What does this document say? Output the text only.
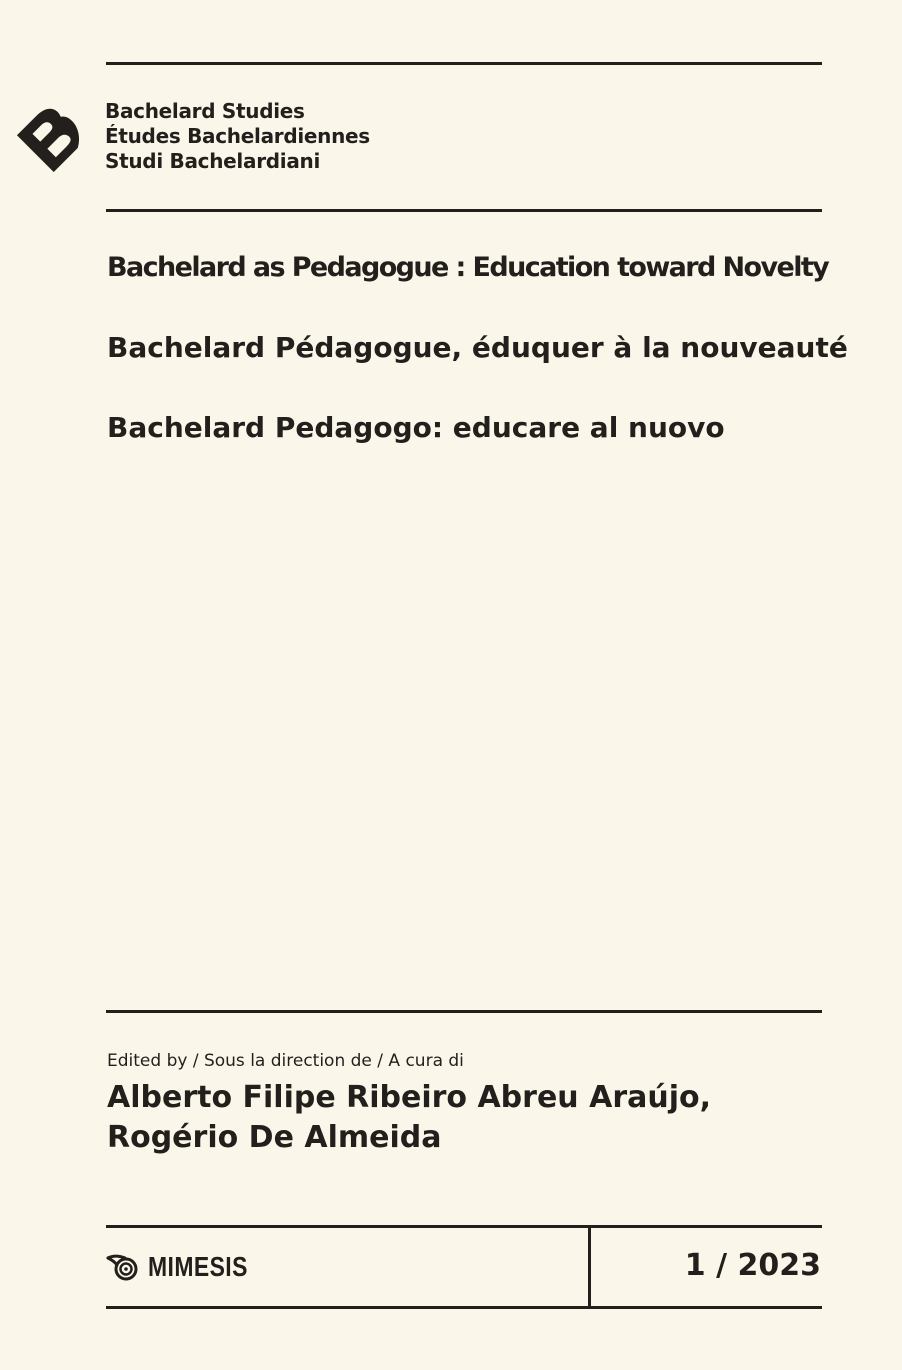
Bachelard Studies
Études Bachelardiennes
Studi Bachelardiani
Bachelard as Pedagogue : Education toward Novelty
Bachelard Pédagogue, éduquer à la nouveauté
Bachelard Pedagogo: educare al nuovo
Edited by / Sous la direction de / A cura di
Alberto Filipe Ribeiro Abreu Araújo,
Rogério De Almeida
MIMESIS	1 / 2023
